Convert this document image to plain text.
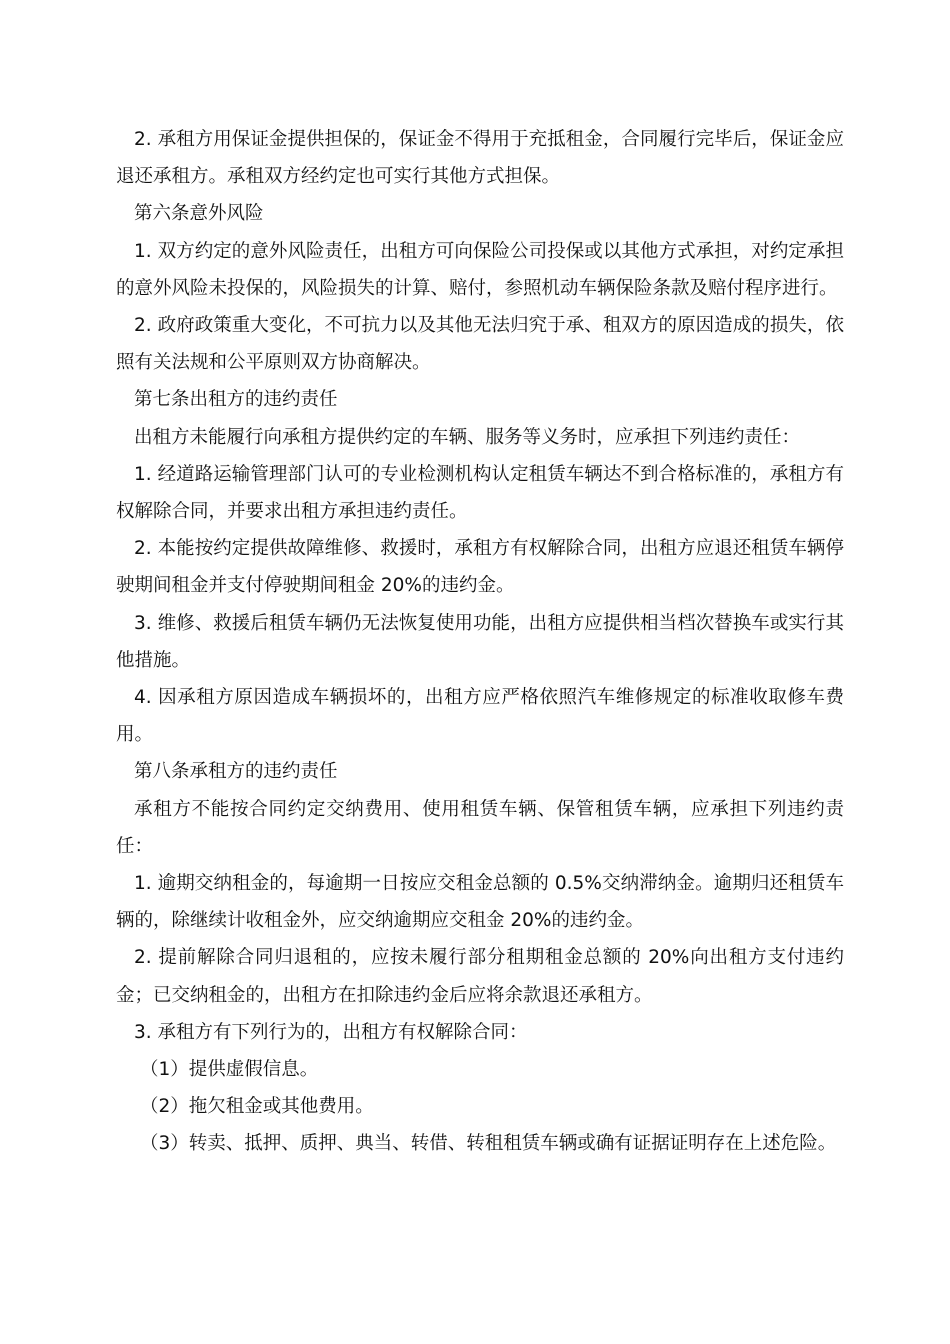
2. 承租方用保证金提供担保的，保证金不得用于充抵租金，合同履行完毕后，保证金应退还承租方。承租双方经约定也可实行其他方式担保。

第六条意外风险

1. 双方约定的意外风险责任，出租方可向保险公司投保或以其他方式承担，对约定承担的意外风险未投保的，风险损失的计算、赔付，参照机动车辆保险条款及赔付程序进行。

2. 政府政策重大变化，不可抗力以及其他无法归究于承、租双方的原因造成的损失，依照有关法规和公平原则双方协商解决。

第七条出租方的违约责任

出租方未能履行向承租方提供约定的车辆、服务等义务时，应承担下列违约责任：

1. 经道路运输管理部门认可的专业检测机构认定租赁车辆达不到合格标准的，承租方有权解除合同，并要求出租方承担违约责任。

2. 本能按约定提供故障维修、救援时，承租方有权解除合同，出租方应退还租赁车辆停驶期间租金并支付停驶期间租金 20%的违约金。

3. 维修、救援后租赁车辆仍无法恢复使用功能，出租方应提供相当档次替换车或实行其他措施。

4. 因承租方原因造成车辆损坏的，出租方应严格依照汽车维修规定的标准收取修车费用。

第八条承租方的违约责任

承租方不能按合同约定交纳费用、使用租赁车辆、保管租赁车辆，应承担下列违约责任：

1. 逾期交纳租金的，每逾期一日按应交租金总额的 0.5%交纳滞纳金。逾期归还租赁车辆的，除继续计收租金外，应交纳逾期应交租金 20%的违约金。

2. 提前解除合同归退租的，应按未履行部分租期租金总额的 20%向出租方支付违约金；已交纳租金的，出租方在扣除违约金后应将余款退还承租方。

3. 承租方有下列行为的，出租方有权解除合同：

（1）提供虚假信息。

（2）拖欠租金或其他费用。

（3）转卖、抵押、质押、典当、转借、转租租赁车辆或确有证据证明存在上述危险。
